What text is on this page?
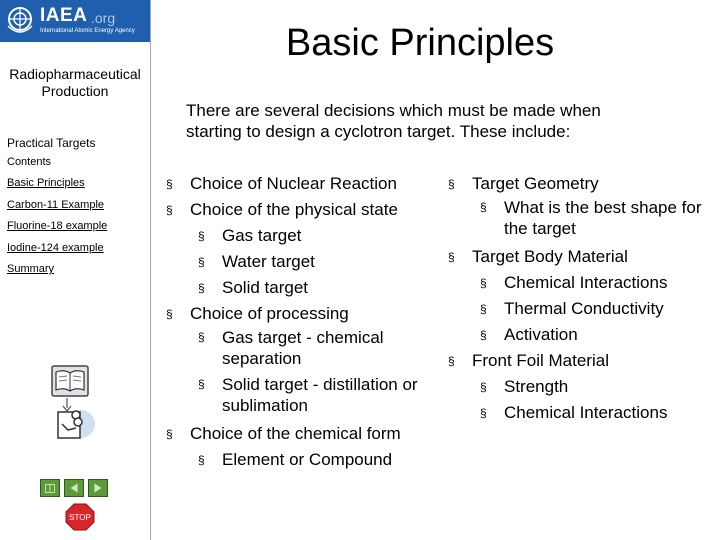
IAEA .org
International Atomic Energy Agency
Radiopharmaceutical Production
Practical Targets
Contents
Basic Principles
Carbon-11 Example
Fluorine-18 example
Iodine-124 example
Summary
STOP
Basic Principles
There are several decisions which must be made when starting to design a cyclotron target. These include:
§ Choice of Nuclear Reaction
§ Choice of the physical state
§ Gas target
§ Water target
§ Solid target
§ Choice of processing
§ Gas target - chemical separation
§ Solid target - distillation or sublimation
§ Choice of the chemical form
§ Element or Compound
§ Target Geometry
§ What is the best shape for the target
§ Target Body Material
§ Chemical Interactions
§ Thermal Conductivity
§ Activation
§ Front Foil Material
§ Strength
§ Chemical Interactions
